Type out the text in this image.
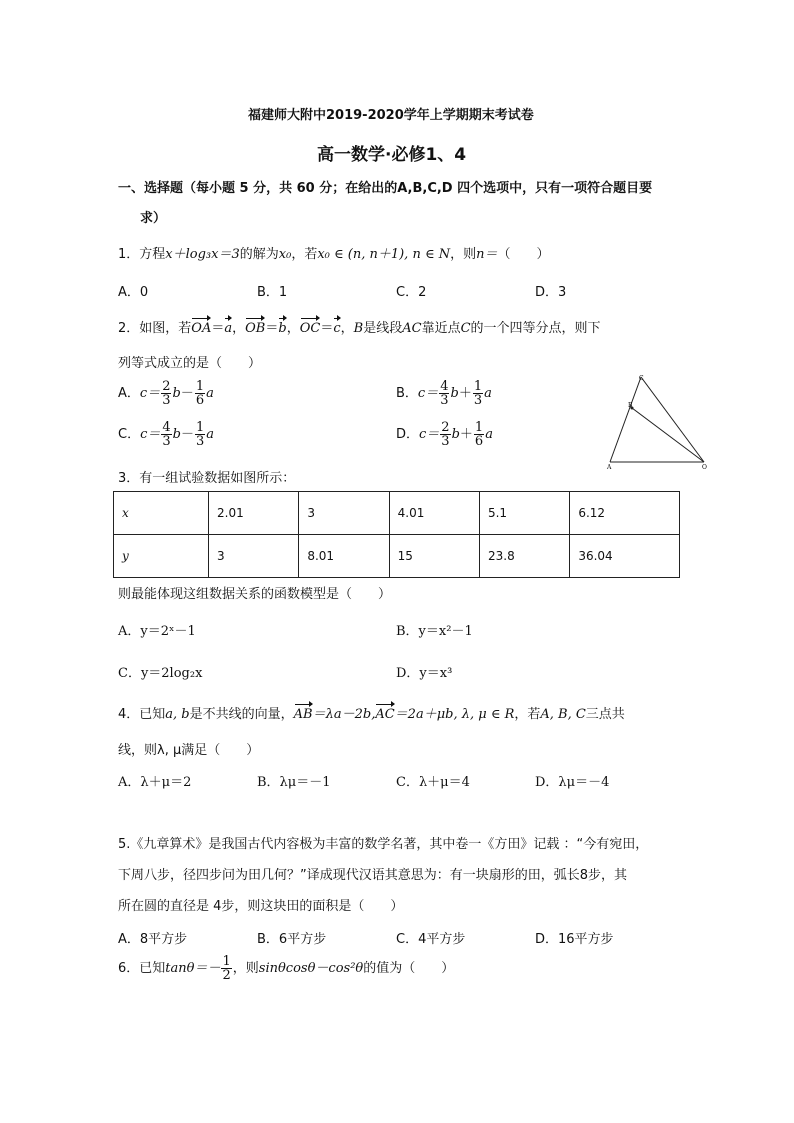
福建师大附中2019-2020学年上学期期末考试卷
高一数学·必修1、4
一、选择题（每小题 5 分，共 60 分；在给出的A,B,C,D 四个选项中，只有一项符合题目要
求）
1．方程x＋log₃x＝3的解为x₀，若x₀ ∈ (n, n＋1), n ∈ N，则n＝（　　）
A．0	B．1	C．2	D．3
2．如图，若OA＝a，OB＝b，OC＝c，B是线段AC靠近点C的一个四等分点，则下
列等式成立的是（　　）
A．$c= \frac{2}{3} b- \frac{1}{6}$ a	B．$c= \frac{4}{3} b+ \frac{1}{3}$ a
C．$c= \frac{4}{3} b- \frac{1}{3}$ a	D．$c= \frac{2}{3} b+ \frac{1}{6}$ a
C
B
A	O
3．有一组试验数据如图所示：
x	2.01	3	4.01	5.1	6.12
y	3	8.01	15	23.8	36.04
则最能体现这组数据关系的函数模型是（　　）
A．y＝2ˣ－1	B．y＝x²－1
C．y＝2log₂x	D．y＝x³
4．已知a, b是不共线的向量，AB＝λa－2b,AC＝2a＋μb, λ, μ ∈ R，若A, B, C三点共
线，则λ, μ满足（　　）
A．λ＋μ＝2	B．λμ＝－1	C．λ＋μ＝4	D．λμ＝－4
5.《九章算术》是我国古代内容极为丰富的数学名著，其中卷一《方田》记载 ：“今有宛田，
下周八步，径四步问为田几何？”译成现代汉语其意思为：有一块扇形的田，弧长8步，其
所在圆的直径是 4步，则这块田的面积是（　　）
A．8平方步	B．6平方步	C．4平方步	D．16平方步
6．已知$\tan\theta=- \frac{1}{2}$ ，则sinθcosθ－cos²θ的值为（　　）
